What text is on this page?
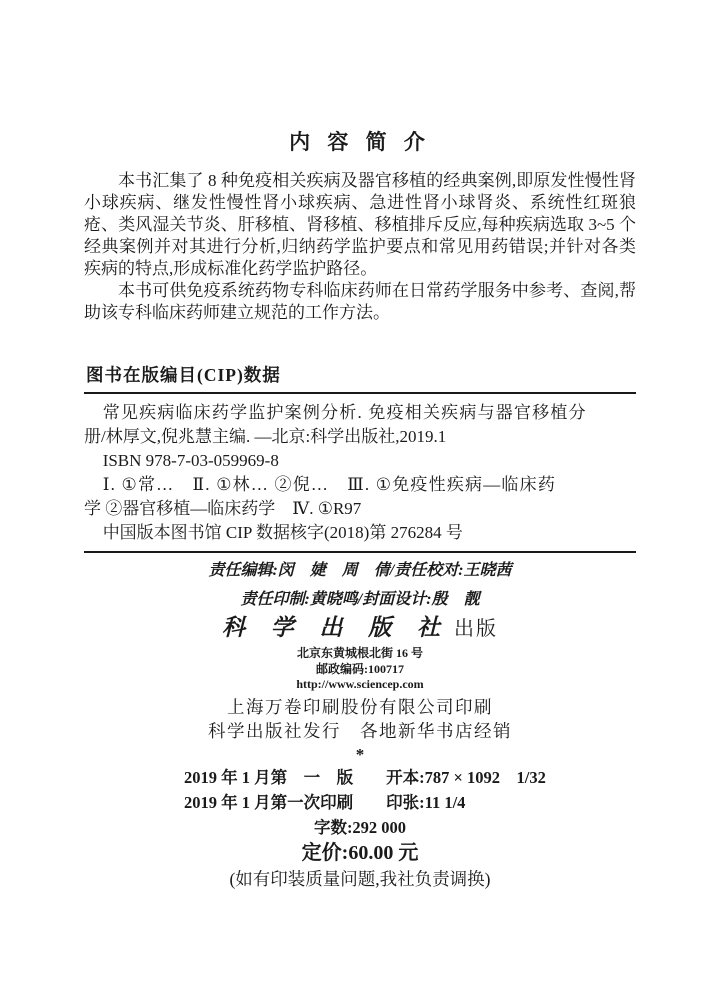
内 容 简 介

本书汇集了 8 种免疫相关疾病及器官移植的经典案例,即原发性慢性肾小球疾病、继发性慢性肾小球疾病、急进性肾小球肾炎、系统性红斑狼疮、类风湿关节炎、肝移植、肾移植、移植排斥反应,每种疾病选取 3~5 个经典案例并对其进行分析,归纳药学监护要点和常见用药错误;并针对各类疾病的特点,形成标准化药学监护路径。

本书可供免疫系统药物专科临床药师在日常药学服务中参考、查阅,帮助该专科临床药师建立规范的工作方法。

图书在版编目(CIP)数据
常见疾病临床药学监护案例分析. 免疫相关疾病与器官移植分
册/林厚文,倪兆慧主编. —北京:科学出版社,2019.1
ISBN 978-7-03-059969-8
Ⅰ. ①常…　Ⅱ. ①林… ②倪…　Ⅲ. ①免疫性疾病—临床药
学 ②器官移植—临床药学　Ⅳ. ①R97
中国版本图书馆 CIP 数据核字(2018)第 276284 号
责任编辑:闵　婕　周　倩/责任校对:王晓茜
责任印制:黄晓鸣/封面设计:殷　靓
科 学 出 版 社 出版
北京东黄城根北街 16 号
邮政编码:100717
http://www.sciencep.com
上海万卷印刷股份有限公司印刷
科学出版社发行　各地新华书店经销
*
2019 年 1 月第　一　版　　开本:787 × 1092　1/32
2019 年 1 月第一次印刷　　印张:11 1/4
字数:292 000
定价:60.00 元
(如有印装质量问题,我社负责调换)
